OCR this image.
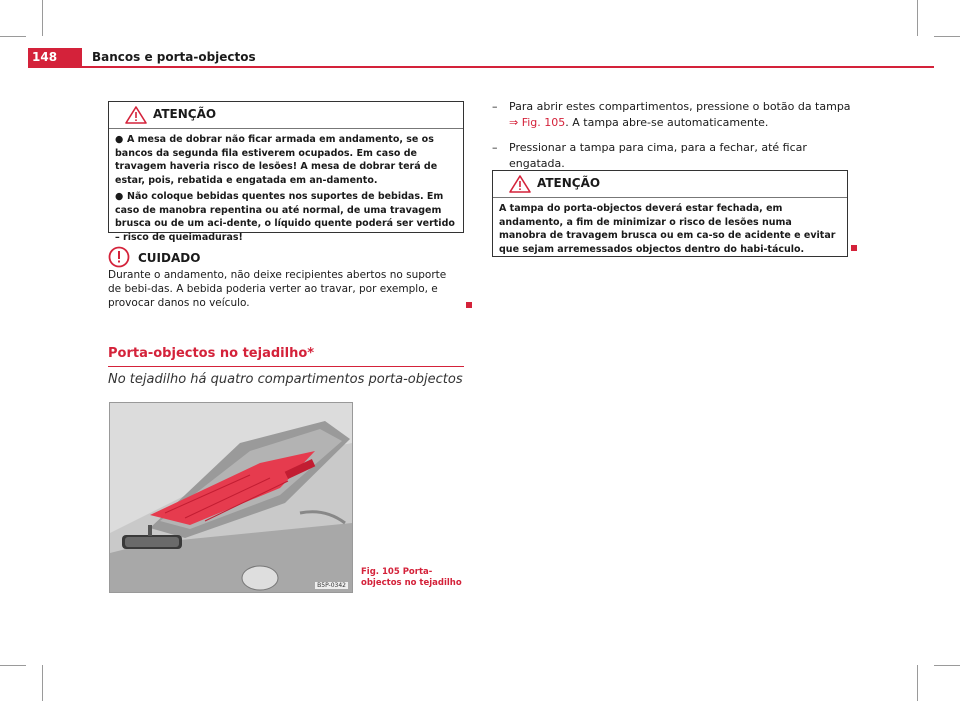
148	Bancos e porta-objectos
ATENÇÃO

● A mesa de dobrar não ficar armada em andamento, se os bancos da segunda fila estiverem ocupados. Em caso de travagem haveria risco de lesões! A mesa de dobrar terá de estar, pois, rebatida e engatada em an-damento.

● Não coloque bebidas quentes nos suportes de bebidas. Em caso de manobra repentina ou até normal, de uma travagem brusca ou de um aci-dente, o líquido quente poderá ser vertido – risco de queimaduras!

CUIDADO
Durante o andamento, não deixe recipientes abertos no suporte de bebi-das. A bebida poderia verter ao travar, por exemplo, e provocar danos no veículo.
Porta-objectos no tejadilho*
No tejadilho há quatro compartimentos porta-objectos
B5P-0342
Fig. 105 Porta-objectos no tejadilho
– Para abrir estes compartimentos, pressione o botão da tampa ⇒ Fig. 105. A tampa abre-se automaticamente.
– Pressionar a tampa para cima, para a fechar, até ficar engatada.
ATENÇÃO
A tampa do porta-objectos deverá estar fechada, em andamento, a fim de minimizar o risco de lesões numa manobra de travagem brusca ou em ca-so de acidente e evitar que sejam arremessados objectos dentro do habi-táculo.
